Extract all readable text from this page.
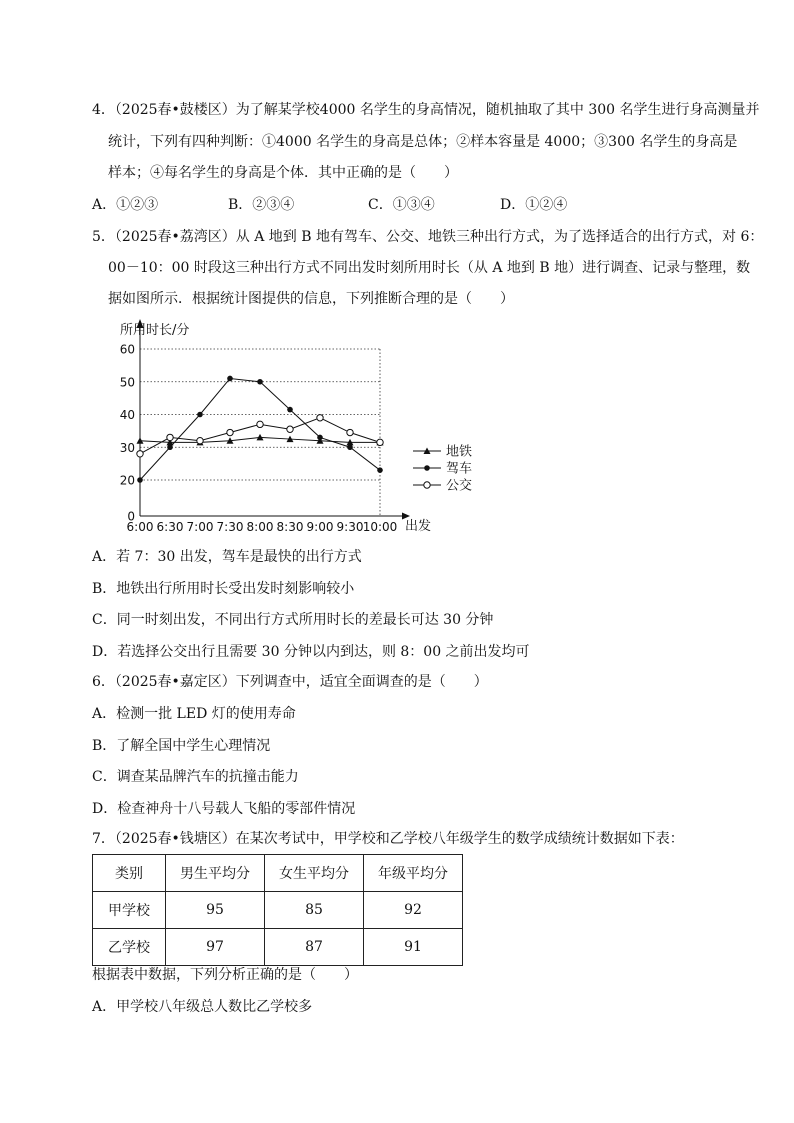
4．（2025春•鼓楼区）为了解某学校4000 名学生的身高情况，随机抽取了其中 300 名学生进行身高测量并
统计，下列有四种判断：①4000 名学生的身高是总体；②样本容量是 4000；③300 名学生的身高是
样本；④每名学生的身高是个体．其中正确的是（　　）
A．①②③	B．②③④	C．①③④	D．①②④
5．（2025春•荔湾区）从 A 地到 B 地有驾车、公交、地铁三种出行方式，为了选择适合的出行方式，对 6：
00－10：00 时段这三种出行方式不同出发时刻所用时长（从 A 地到 B 地）进行调查、记录与整理，数
据如图所示．根据统计图提供的信息，下列推断合理的是（　　）
0
20
30
40
50
60
6:00 6:30 7:00 7:30 8:00 8:30 9:00 9:30 10:00
地铁
驾车
公交
所用时长/分
出发
A．若 7：30 出发，驾车是最快的出行方式
B．地铁出行所用时长受出发时刻影响较小
C．同一时刻出发，不同出行方式所用时长的差最长可达 30 分钟
D．若选择公交出行且需要 30 分钟以内到达，则 8：00 之前出发均可
6．（2025春•嘉定区）下列调查中，适宜全面调查的是（　　）
A．检测一批 LED 灯的使用寿命
B．了解全国中学生心理情况
C．调查某品牌汽车的抗撞击能力
D．检查神舟十八号载人飞船的零部件情况
7．（2025春•钱塘区）在某次考试中，甲学校和乙学校八年级学生的数学成绩统计数据如下表：
类别	男生平均分	女生平均分	年级平均分
甲学校	95	85	92
乙学校	97	87	91
根据表中数据，下列分析正确的是（　　）
A．甲学校八年级总人数比乙学校多
